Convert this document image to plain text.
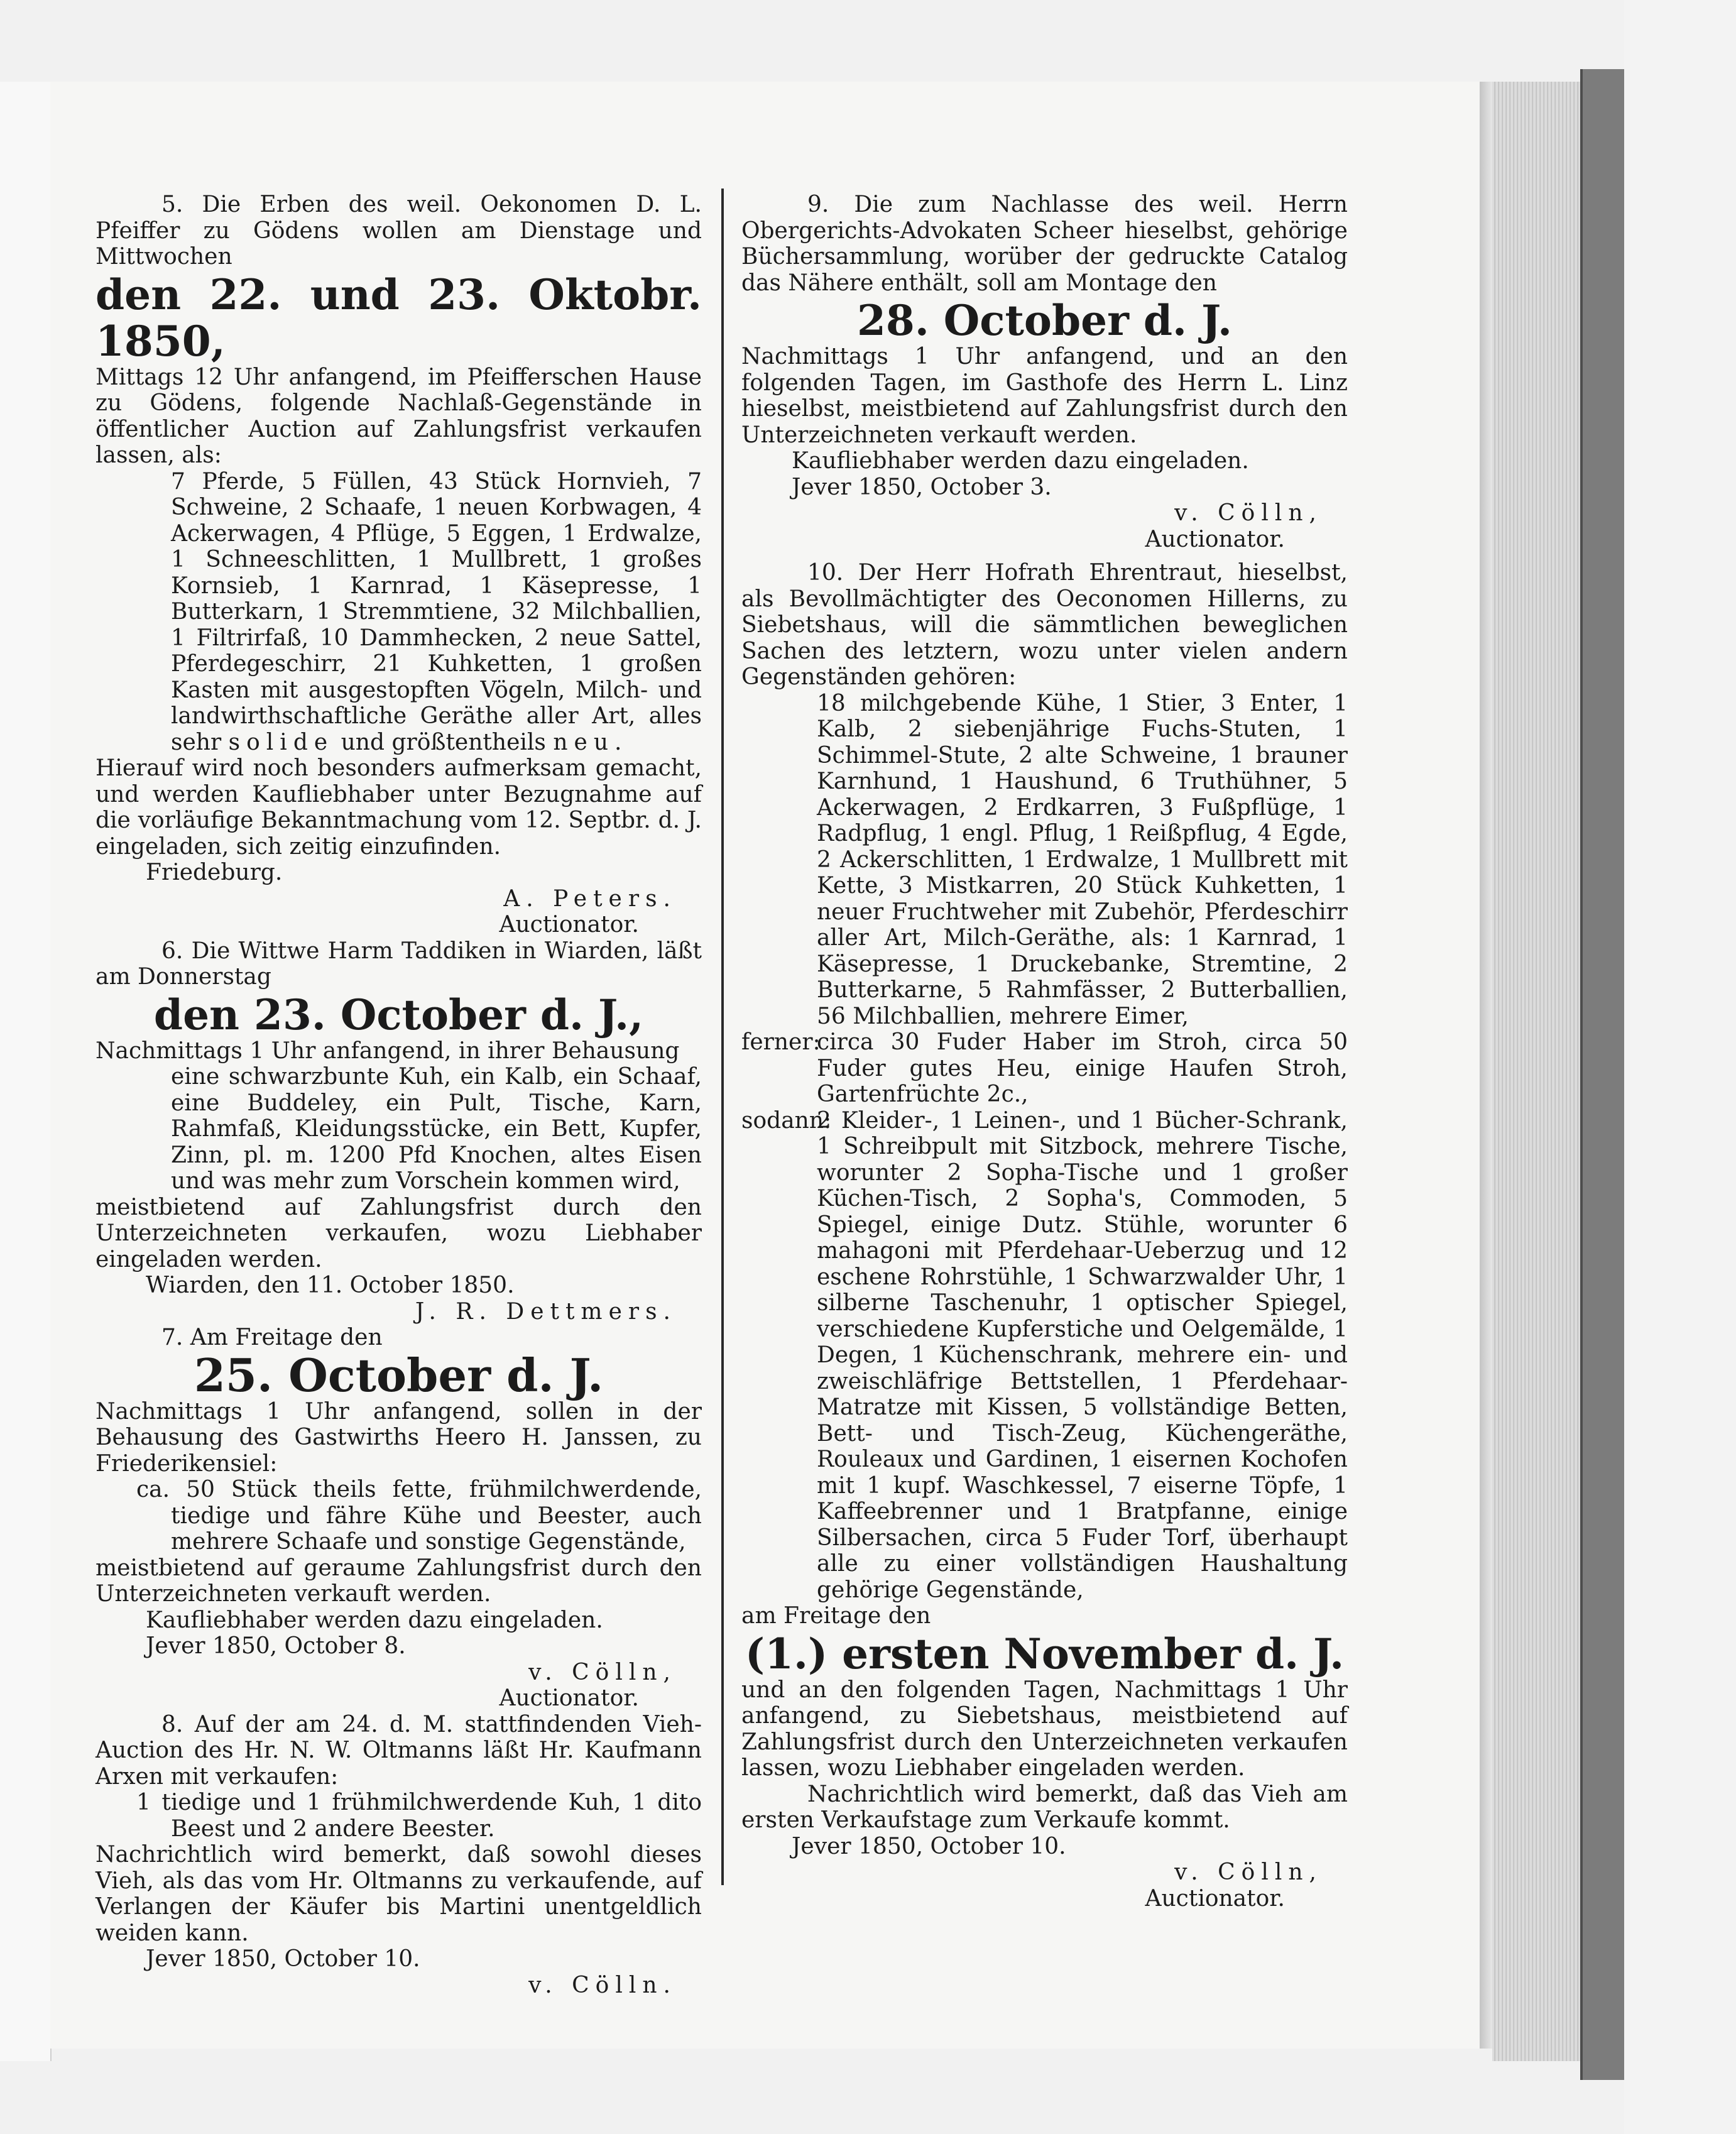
5. Die Erben des weil. Oekonomen D. L. Pfeiffer zu Gödens wollen am Dienstage und Mittwochen

den 22. und 23. Oktobr. 1850,

Mittags 12 Uhr anfangend, im Pfeifferschen Hause zu Gödens, folgende Nachlaß-Gegenstände in öffentlicher Auction auf Zahlungsfrist verkaufen lassen, als:

7 Pferde, 5 Füllen, 43 Stück Hornvieh, 7 Schweine, 2 Schaafe, 1 neuen Korbwagen, 4 Ackerwagen, 4 Pflüge, 5 Eggen, 1 Erdwalze, 1 Schneeschlitten, 1 Mullbrett, 1 großes Kornsieb, 1 Karnrad, 1 Käsepresse, 1 Butterkarn, 1 Stremmtiene, 32 Milchballien, 1 Filtrirfaß, 10 Dammhecken, 2 neue Sattel, Pferdegeschirr, 21 Kuhketten, 1 großen Kasten mit ausgestopften Vögeln, Milch- und landwirthschaftliche Geräthe aller Art, alles sehr solide und größtentheils neu.

Hierauf wird noch besonders aufmerksam gemacht, und werden Kaufliebhaber unter Bezugnahme auf die vorläufige Bekanntmachung vom 12. Septbr. d. J. eingeladen, sich zeitig einzufinden.

Friedeburg.

A. Peters.

Auctionator.

6. Die Wittwe Harm Taddiken in Wiarden, läßt am Donnerstag

den 23. October d. J.,

Nachmittags 1 Uhr anfangend, in ihrer Behausung

eine schwarzbunte Kuh, ein Kalb, ein Schaaf, eine Buddeley, ein Pult, Tische, Karn, Rahmfaß, Kleidungsstücke, ein Bett, Kupfer, Zinn, pl. m. 1200 Pfd Knochen, altes Eisen und was mehr zum Vorschein kommen wird,

meistbietend auf Zahlungsfrist durch den Unterzeichneten verkaufen, wozu Liebhaber eingeladen werden.

Wiarden, den 11. October 1850.

J. R. Dettmers.

7. Am Freitage den

25. October d. J.

Nachmittags 1 Uhr anfangend, sollen in der Behausung des Gastwirths Heero H. Janssen, zu Friederikensiel:

ca. 50 Stück theils fette, frühmilchwerdende, tiedige und fähre Kühe und Beester, auch mehrere Schaafe und sonstige Gegenstände,

meistbietend auf geraume Zahlungsfrist durch den Unterzeichneten verkauft werden.

Kaufliebhaber werden dazu eingeladen.

Jever 1850, October 8.

v. Cölln,

Auctionator.

8. Auf der am 24. d. M. stattfindenden Vieh-Auction des Hr. N. W. Oltmanns läßt Hr. Kaufmann Arxen mit verkaufen:

1 tiedige und 1 frühmilchwerdende Kuh, 1 dito Beest und 2 andere Beester.

Nachrichtlich wird bemerkt, daß sowohl dieses Vieh, als das vom Hr. Oltmanns zu verkaufende, auf Verlangen der Käufer bis Martini unentgeldlich weiden kann.

Jever 1850, October 10.

v. Cölln.

9. Die zum Nachlasse des weil. Herrn Obergerichts-Advokaten Scheer hieselbst, gehörige Büchersammlung, worüber der gedruckte Catalog das Nähere enthält, soll am Montage den

28. October d. J.

Nachmittags 1 Uhr anfangend, und an den folgenden Tagen, im Gasthofe des Herrn L. Linz hieselbst, meistbietend auf Zahlungsfrist durch den Unterzeichneten verkauft werden.

Kaufliebhaber werden dazu eingeladen.

Jever 1850, October 3.

v. Cölln,

Auctionator.

10. Der Herr Hofrath Ehrentraut, hieselbst, als Bevollmächtigter des Oeconomen Hillerns, zu Siebetshaus, will die sämmtlichen beweglichen Sachen des letztern, wozu unter vielen andern Gegenständen gehören:

18 milchgebende Kühe, 1 Stier, 3 Enter, 1 Kalb, 2 siebenjährige Fuchs-Stuten, 1 Schimmel-Stute, 2 alte Schweine, 1 brauner Karnhund, 1 Haushund, 6 Truthühner, 5 Ackerwagen, 2 Erdkarren, 3 Fußpflüge, 1 Radpflug, 1 engl. Pflug, 1 Reißpflug, 4 Egde, 2 Ackerschlitten, 1 Erdwalze, 1 Mullbrett mit Kette, 3 Mistkarren, 20 Stück Kuhketten, 1 neuer Fruchtweher mit Zubehör, Pferdeschirr aller Art, Milch-Geräthe, als: 1 Karnrad, 1 Käsepresse, 1 Druckebanke, Stremtine, 2 Butterkarne, 5 Rahmfässer, 2 Butterballien, 56 Milchballien, mehrere Eimer,

ferner:
circa 30 Fuder Haber im Stroh, circa 50 Fuder gutes Heu, einige Haufen Stroh, Gartenfrüchte 2c.,
sodann:
2 Kleider-, 1 Leinen-, und 1 Bücher-Schrank, 1 Schreibpult mit Sitzbock, mehrere Tische, worunter 2 Sopha-Tische und 1 großer Küchen-Tisch, 2 Sopha's, Commoden, 5 Spiegel, einige Dutz. Stühle, worunter 6 mahagoni mit Pferdehaar-Ueberzug und 12 eschene Rohrstühle, 1 Schwarzwalder Uhr, 1 silberne Taschenuhr, 1 optischer Spiegel, verschiedene Kupferstiche und Oelgemälde, 1 Degen, 1 Küchenschrank, mehrere ein- und zweischläfrige Bettstellen, 1 Pferdehaar-Matratze mit Kissen, 5 vollständige Betten, Bett- und Tisch-Zeug, Küchengeräthe, Rouleaux und Gardinen, 1 eisernen Kochofen mit 1 kupf. Waschkessel, 7 eiserne Töpfe, 1 Kaffeebrenner und 1 Bratpfanne, einige Silbersachen, circa 5 Fuder Torf, überhaupt alle zu einer vollständigen Haushaltung gehörige Gegenstände,

am Freitage den

(1.) ersten November d. J.

und an den folgenden Tagen, Nachmittags 1 Uhr anfangend, zu Siebetshaus, meistbietend auf Zahlungsfrist durch den Unterzeichneten verkaufen lassen, wozu Liebhaber eingeladen werden.

Nachrichtlich wird bemerkt, daß das Vieh am ersten Verkaufstage zum Verkaufe kommt.

Jever 1850, October 10.

v. Cölln,

Auctionator.
